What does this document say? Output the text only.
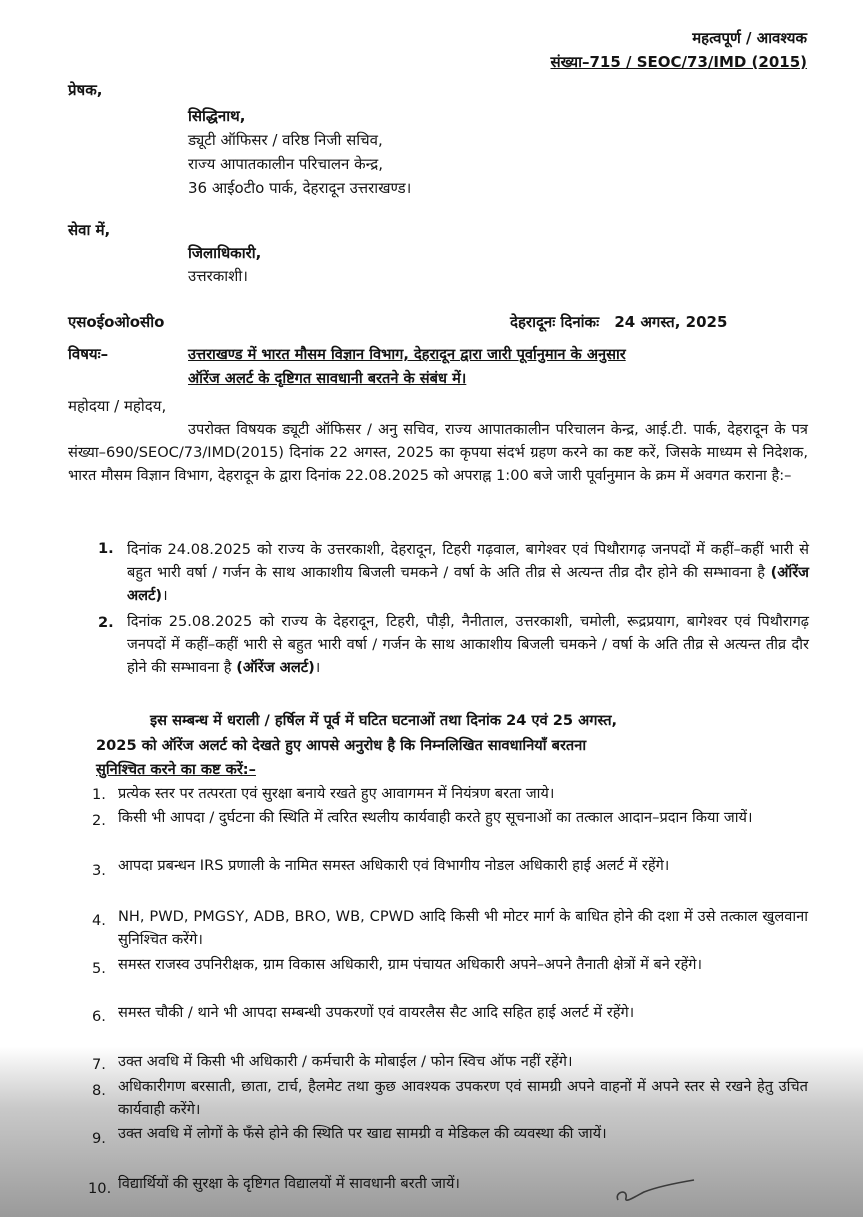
महत्वपूर्ण / आवश्यक
संख्या–715 / SEOC/73/IMD (2015)
प्रेषक,
सिद्धिनाथ,
ड्यूटी ऑफिसर / वरिष्ठ निजी सचिव,
राज्य आपातकालीन परिचालन केन्द्र,
36 आईoटीo पार्क, देहरादून उत्तराखण्ड।
सेवा में,
जिलाधिकारी,
उत्तरकाशी।
एसoईoओoसीo	देहरादूनः दिनांकः 24 अगस्त, 2025
विषयः–	उत्तराखण्ड में भारत मौसम विज्ञान विभाग, देहरादून द्वारा जारी पूर्वानुमान के अनुसार
ऑरेंज अलर्ट के दृष्टिगत सावधानी बरतने के संबंध में।
महोदया / महोदय,
उपरोक्त विषयक ड्यूटी ऑफिसर / अनु सचिव, राज्य आपातकालीन परिचालन केन्द्र, आई.टी. पार्क, देहरादून के पत्र संख्या–690/SEOC/73/IMD(2015) दिनांक 22 अगस्त, 2025 का कृपया संदर्भ ग्रहण करने का कष्ट करें, जिसके माध्यम से निदेशक, भारत मौसम विज्ञान विभाग, देहरादून के द्वारा दिनांक 22.08.2025 को अपराह्न 1:00 बजे जारी पूर्वानुमान के क्रम में अवगत कराना है:–
1. दिनांक 24.08.2025 को राज्य के उत्तरकाशी, देहरादून, टिहरी गढ़वाल, बागेश्वर एवं पिथौरागढ़ जनपदों में कहीं–कहीं भारी से बहुत भारी वर्षा / गर्जन के साथ आकाशीय बिजली चमकने / वर्षा के अति तीव्र से अत्यन्त तीव्र दौर होने की सम्भावना है (ऑरेंज अलर्ट)।
2. दिनांक 25.08.2025 को राज्य के देहरादून, टिहरी, पौड़ी, नैनीताल, उत्तरकाशी, चमोली, रूद्रप्रयाग, बागेश्वर एवं पिथौरागढ़ जनपदों में कहीं–कहीं भारी से बहुत भारी वर्षा / गर्जन के साथ आकाशीय बिजली चमकने / वर्षा के अति तीव्र से अत्यन्त तीव्र दौर होने की सम्भावना है (ऑरेंज अलर्ट)।
इस सम्बन्ध में धराली / हर्षिल में पूर्व में घटित घटनाओं तथा दिनांक 24 एवं 25 अगस्त,
2025 को ऑरेंज अलर्ट को देखते हुए आपसे अनुरोध है कि निम्नलिखित सावधानियाँ बरतना
सुनिश्चित करने का कष्ट करें:–
1. प्रत्येक स्तर पर तत्परता एवं सुरक्षा बनाये रखते हुए आवागमन में नियंत्रण बरता जाये।
2. किसी भी आपदा / दुर्घटना की स्थिति में त्वरित स्थलीय कार्यवाही करते हुए सूचनाओं का तत्काल आदान–प्रदान किया जायें।
3. आपदा प्रबन्धन IRS प्रणाली के नामित समस्त अधिकारी एवं विभागीय नोडल अधिकारी हाई अलर्ट में रहेंगे।
4. NH, PWD, PMGSY, ADB, BRO, WB, CPWD आदि किसी भी मोटर मार्ग के बाधित होने की दशा में उसे तत्काल खुलवाना सुनिश्चित करेंगे।
5. समस्त राजस्व उपनिरीक्षक, ग्राम विकास अधिकारी, ग्राम पंचायत अधिकारी अपने–अपने तैनाती क्षेत्रों में बने रहेंगे।
6. समस्त चौकी / थाने भी आपदा सम्बन्धी उपकरणों एवं वायरलैस सैट आदि सहित हाई अलर्ट में रहेंगे।
7. उक्त अवधि में किसी भी अधिकारी / कर्मचारी के मोबाईल / फोन स्विच ऑफ नहीं रहेंगे।
8. अधिकारीगण बरसाती, छाता, टार्च, हैलमेट तथा कुछ आवश्यक उपकरण एवं सामग्री अपने वाहनों में अपने स्तर से रखने हेतु उचित कार्यवाही करेंगे।
9. उक्त अवधि में लोगों के फँसे होने की स्थिति पर खाद्य सामग्री व मेडिकल की व्यवस्था की जायें।
10. विद्यार्थियों की सुरक्षा के दृष्टिगत विद्यालयों में सावधानी बरती जायें।
